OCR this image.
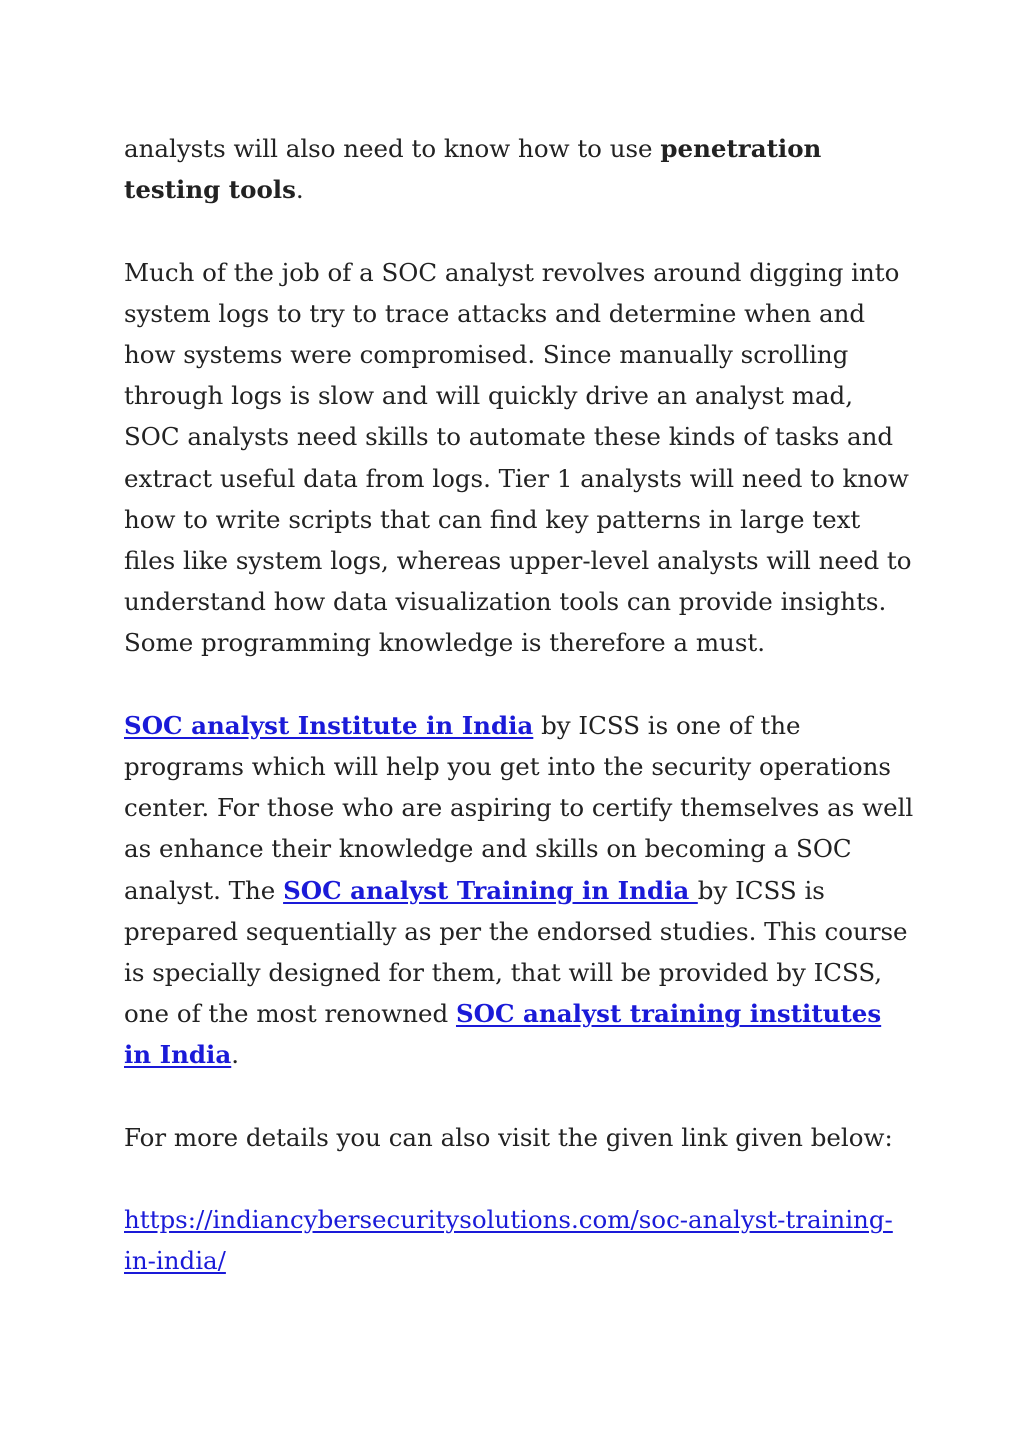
analysts will also need to know how to use penetration testing tools.

Much of the job of a SOC analyst revolves around digging into system logs to try to trace attacks and determine when and how systems were compromised. Since manually scrolling through logs is slow and will quickly drive an analyst mad, SOC analysts need skills to automate these kinds of tasks and extract useful data from logs. Tier 1 analysts will need to know how to write scripts that can find key patterns in large text files like system logs, whereas upper-level analysts will need to understand how data visualization tools can provide insights. Some programming knowledge is therefore a must.

SOC analyst Institute in India by ICSS is one of the programs which will help you get into the security operations center. For those who are aspiring to certify themselves as well as enhance their knowledge and skills on becoming a SOC analyst. The SOC analyst Training in India by ICSS is prepared sequentially as per the endorsed studies. This course is specially designed for them, that will be provided by ICSS, one of the most renowned SOC analyst training institutes in India.

For more details you can also visit the given link given below:

https://indiancybersecuritysolutions.com/soc-analyst-training-in-india/
